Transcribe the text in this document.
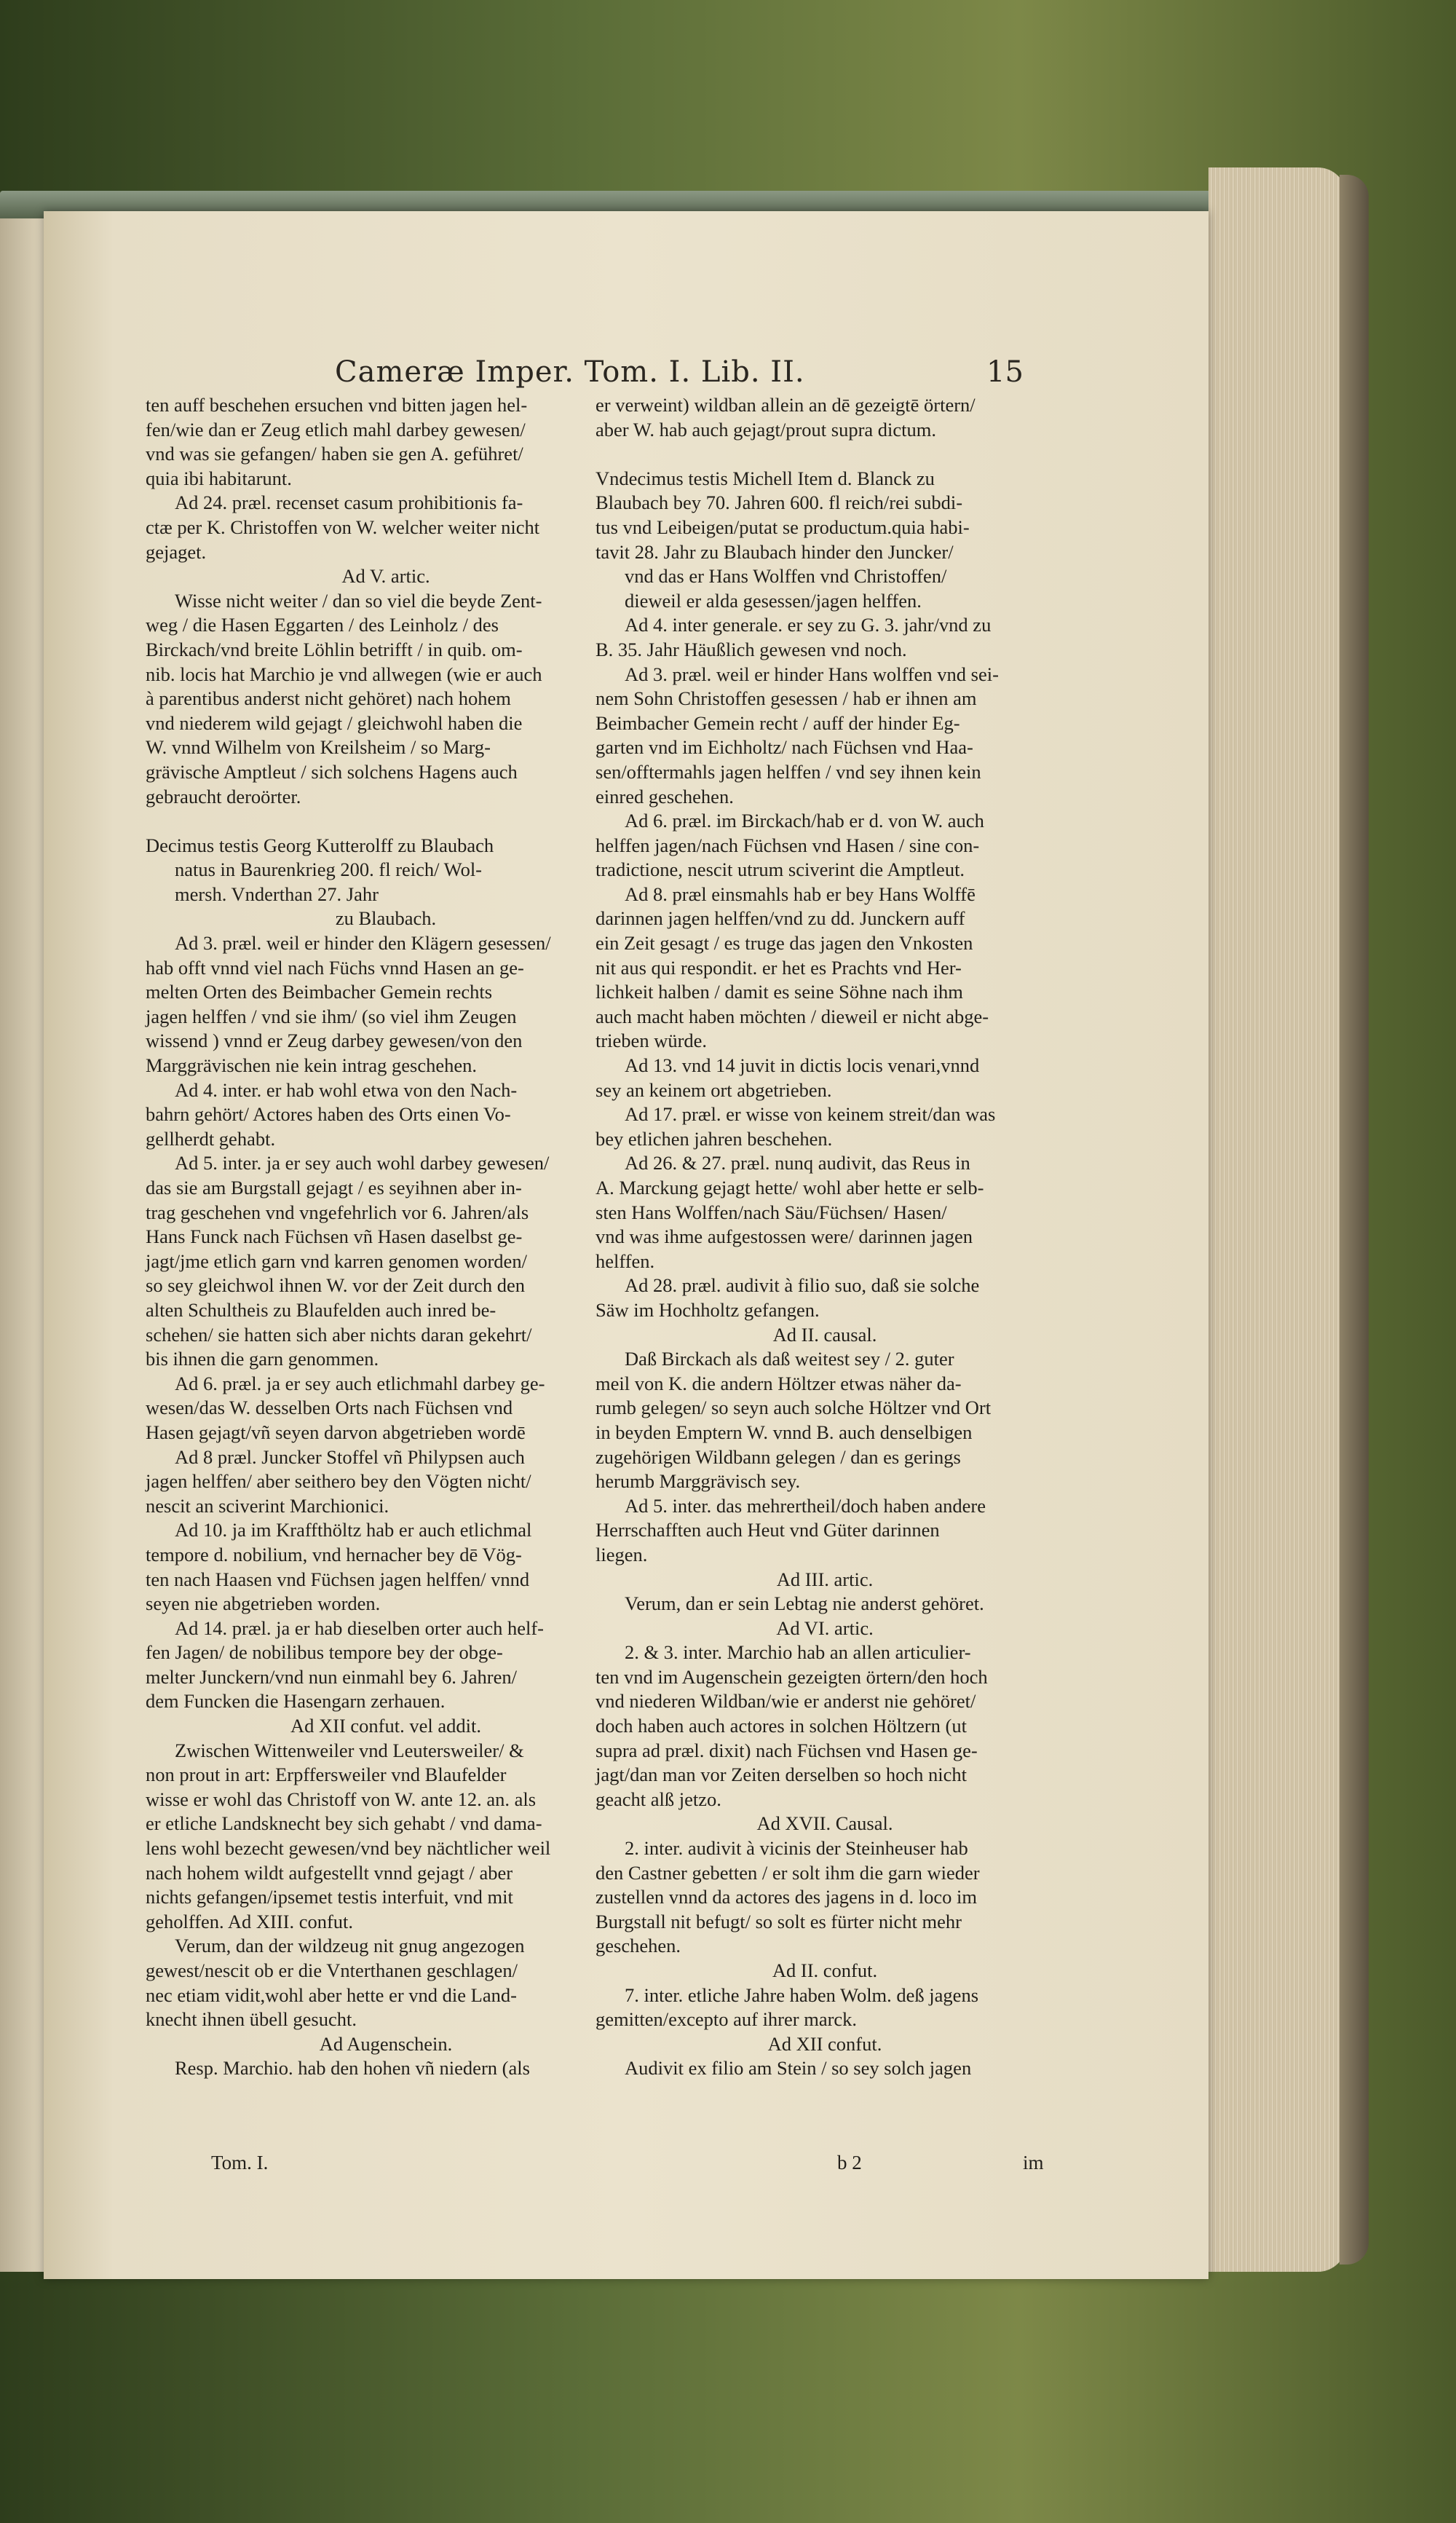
Cameræ Imper. Tom. I. Lib. II.	15

ten auff beschehen ersuchen vnd bitten jagen hel-

fen/wie dan er Zeug etlich mahl darbey gewesen/

vnd was sie gefangen/ haben sie gen A. geführet/

quia ibi habitarunt.

Ad 24. præl. recenset casum prohibitionis fa-

ctæ per K. Christoffen von W. welcher weiter nicht

gejaget.

Ad V. artic.

Wisse nicht weiter / dan so viel die beyde Zent-

weg / die Hasen Eggarten / des Leinholz / des

Birckach/vnd breite Löhlin betrifft / in quib. om-

nib. locis hat Marchio je vnd allwegen (wie er auch

à parentibus anderst nicht gehöret) nach hohem

vnd niederem wild gejagt / gleichwohl haben die

W. vnnd Wilhelm von Kreilsheim / so Marg-

grävische Amptleut / sich solchens Hagens auch

gebraucht deroörter.

Decimus testis Georg Kutterolff zu Blaubach

natus in Baurenkrieg 200. fl reich/ Wol-

mersh. Vnderthan 27. Jahr

zu Blaubach.

Ad 3. præl. weil er hinder den Klägern gesessen/

hab offt vnnd viel nach Füchs vnnd Hasen an ge-

melten Orten des Beimbacher Gemein rechts

jagen helffen / vnd sie ihm/ (so viel ihm Zeugen

wissend ) vnnd er Zeug darbey gewesen/von den

Marggrävischen nie kein intrag geschehen.

Ad 4. inter. er hab wohl etwa von den Nach-

bahrn gehört/ Actores haben des Orts einen Vo-

gellherdt gehabt.

Ad 5. inter. ja er sey auch wohl darbey gewesen/

das sie am Burgstall gejagt / es seyihnen aber in-

trag geschehen vnd vngefehrlich vor 6. Jahren/als

Hans Funck nach Füchsen vñ Hasen daselbst ge-

jagt/jme etlich garn vnd karren genomen worden/

so sey gleichwol ihnen W. vor der Zeit durch den

alten Schultheis zu Blaufelden auch inred be-

schehen/ sie hatten sich aber nichts daran gekehrt/

bis ihnen die garn genommen.

Ad 6. præl. ja er sey auch etlichmahl darbey ge-

wesen/das W. desselben Orts nach Füchsen vnd

Hasen gejagt/vñ seyen darvon abgetrieben wordē

Ad 8 præl. Juncker Stoffel vñ Philypsen auch

jagen helffen/ aber seithero bey den Vögten nicht/

nescit an sciverint Marchionici.

Ad 10. ja im Kraffthöltz hab er auch etlichmal

tempore d. nobilium, vnd hernacher bey dē Vög-

ten nach Haasen vnd Füchsen jagen helffen/ vnnd

seyen nie abgetrieben worden.

Ad 14. præl. ja er hab dieselben orter auch helf-

fen Jagen/ de nobilibus tempore bey der obge-

melter Junckern/vnd nun einmahl bey 6. Jahren/

dem Funcken die Hasengarn zerhauen.

Ad XII confut. vel addit.

Zwischen Wittenweiler vnd Leutersweiler/ &

non prout in art: Erpffersweiler vnd Blaufelder

wisse er wohl das Christoff von W. ante 12. an. als

er etliche Landsknecht bey sich gehabt / vnd dama-

lens wohl bezecht gewesen/vnd bey nächtlicher weil

nach hohem wildt aufgestellt vnnd gejagt / aber

nichts gefangen/ipsemet testis interfuit, vnd mit

geholffen. Ad XIII. confut.

Verum, dan der wildzeug nit gnug angezogen

gewest/nescit ob er die Vnterthanen geschlagen/

nec etiam vidit,wohl aber hette er vnd die Land-

knecht ihnen übell gesucht.

Ad Augenschein.

Resp. Marchio. hab den hohen vñ niedern (als

er verweint) wildban allein an dē gezeigtē örtern/

aber W. hab auch gejagt/prout supra dictum.

Vndecimus testis Michell Item d. Blanck zu

Blaubach bey 70. Jahren 600. fl reich/rei subdi-

tus vnd Leibeigen/putat se productum.quia habi-

tavit 28. Jahr zu Blaubach hinder den Juncker/

vnd das er Hans Wolffen vnd Christoffen/

dieweil er alda gesessen/jagen helffen.

Ad 4. inter generale. er sey zu G. 3. jahr/vnd zu

B. 35. Jahr Häußlich gewesen vnd noch.

Ad 3. præl. weil er hinder Hans wolffen vnd sei-

nem Sohn Christoffen gesessen / hab er ihnen am

Beimbacher Gemein recht / auff der hinder Eg-

garten vnd im Eichholtz/ nach Füchsen vnd Haa-

sen/offtermahls jagen helffen / vnd sey ihnen kein

einred geschehen.

Ad 6. præl. im Birckach/hab er d. von W. auch

helffen jagen/nach Füchsen vnd Hasen / sine con-

tradictione, nescit utrum sciverint die Amptleut.

Ad 8. præl einsmahls hab er bey Hans Wolffē

darinnen jagen helffen/vnd zu dd. Junckern auff

ein Zeit gesagt / es truge das jagen den Vnkosten

nit aus qui respondit. er het es Prachts vnd Her-

lichkeit halben / damit es seine Söhne nach ihm

auch macht haben möchten / dieweil er nicht abge-

trieben würde.

Ad 13. vnd 14 juvit in dictis locis venari,vnnd

sey an keinem ort abgetrieben.

Ad 17. præl. er wisse von keinem streit/dan was

bey etlichen jahren beschehen.

Ad 26. & 27. præl. nunq audivit, das Reus in

A. Marckung gejagt hette/ wohl aber hette er selb-

sten Hans Wolffen/nach Säu/Füchsen/ Hasen/

vnd was ihme aufgestossen were/ darinnen jagen

helffen.

Ad 28. præl. audivit à filio suo, daß sie solche

Säw im Hochholtz gefangen.

Ad II. causal.

Daß Birckach als daß weitest sey / 2. guter

meil von K. die andern Höltzer etwas näher da-

rumb gelegen/ so seyn auch solche Höltzer vnd Ort

in beyden Emptern W. vnnd B. auch denselbigen

zugehörigen Wildbann gelegen / dan es gerings

herumb Marggrävisch sey.

Ad 5. inter. das mehrertheil/doch haben andere

Herrschafften auch Heut vnd Güter darinnen

liegen.

Ad III. artic.

Verum, dan er sein Lebtag nie anderst gehöret.

Ad VI. artic.

2. & 3. inter. Marchio hab an allen articulier-

ten vnd im Augenschein gezeigten örtern/den hoch

vnd niederen Wildban/wie er anderst nie gehöret/

doch haben auch actores in solchen Höltzern (ut

supra ad præl. dixit) nach Füchsen vnd Hasen ge-

jagt/dan man vor Zeiten derselben so hoch nicht

geacht alß jetzo.

Ad XVII. Causal.

2. inter. audivit à vicinis der Steinheuser hab

den Castner gebetten / er solt ihm die garn wieder

zustellen vnnd da actores des jagens in d. loco im

Burgstall nit befugt/ so solt es fürter nicht mehr

geschehen.

Ad II. confut.

7. inter. etliche Jahre haben Wolm. deß jagens

gemitten/excepto auf ihrer marck.

Ad XII confut.

Audivit ex filio am Stein / so sey solch jagen

Tom. I.	b 2	im
